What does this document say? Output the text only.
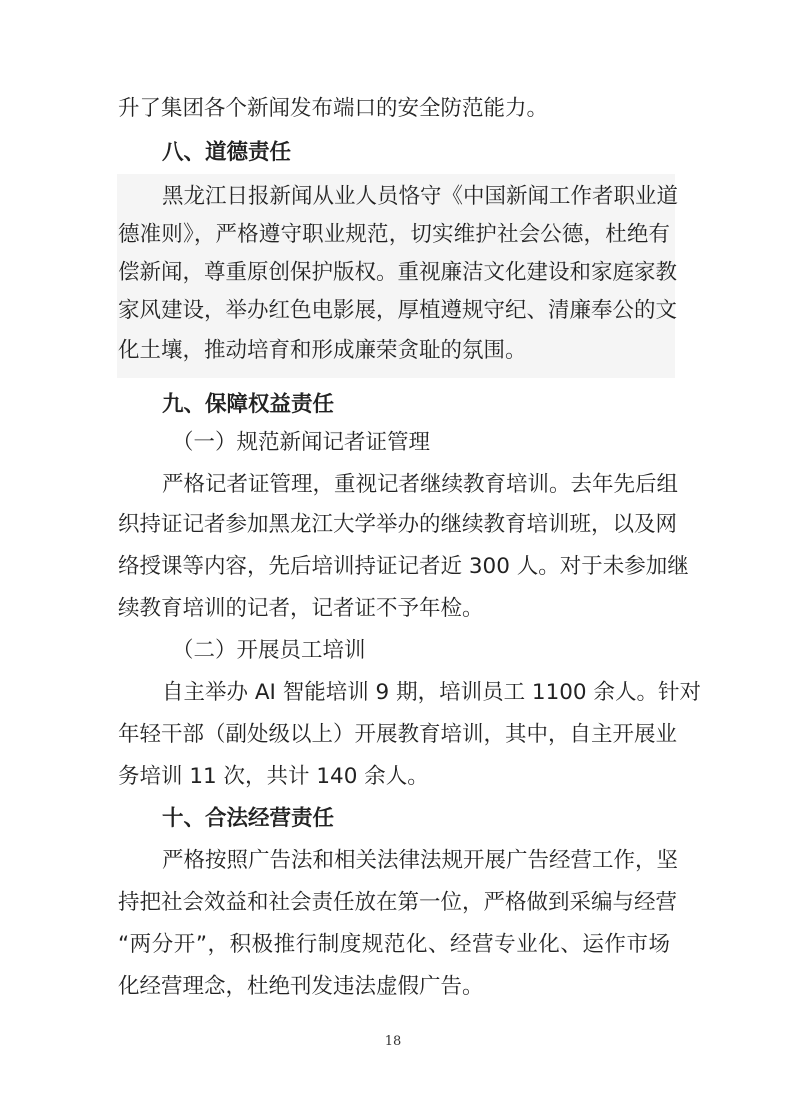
升了集团各个新闻发布端口的安全防范能力。
八、道德责任
黑龙江日报新闻从业人员恪守《中国新闻工作者职业道
德准则》，严格遵守职业规范，切实维护社会公德，杜绝有
偿新闻，尊重原创保护版权。重视廉洁文化建设和家庭家教
家风建设，举办红色电影展，厚植遵规守纪、清廉奉公的文
化土壤，推动培育和形成廉荣贪耻的氛围。
九、保障权益责任
（一）规范新闻记者证管理
严格记者证管理，重视记者继续教育培训。去年先后组
织持证记者参加黑龙江大学举办的继续教育培训班，以及网
络授课等内容，先后培训持证记者近 300 人。对于未参加继
续教育培训的记者，记者证不予年检。
（二）开展员工培训
自主举办 AI 智能培训 9 期，培训员工 1100 余人。针对
年轻干部（副处级以上）开展教育培训，其中，自主开展业
务培训 11 次，共计 140 余人。
十、合法经营责任
严格按照广告法和相关法律法规开展广告经营工作，坚
持把社会效益和社会责任放在第一位，严格做到采编与经营
“两分开”，积极推行制度规范化、经营专业化、运作市场
化经营理念，杜绝刊发违法虚假广告。
18
